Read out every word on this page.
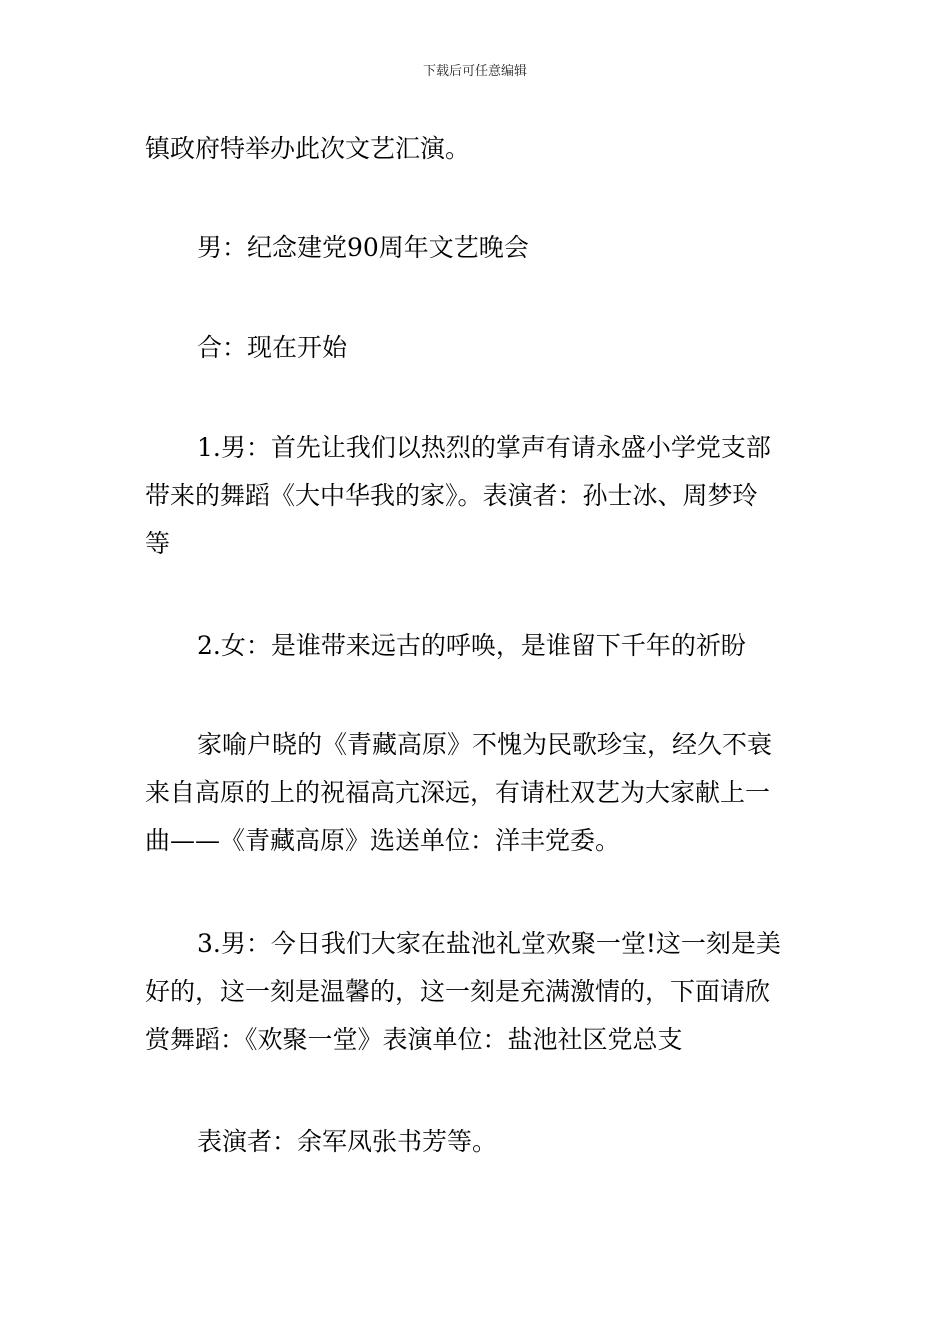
下载后可任意编辑

镇政府特举办此次文艺汇演。

男：纪念建党90周年文艺晚会

合：现在开始

1.男：首先让我们以热烈的掌声有请永盛小学党支部
带来的舞蹈《大中华我的家》。表演者：孙士冰、周梦玲
等

2.女：是谁带来远古的呼唤，是谁留下千年的祈盼

家喻户晓的《青藏高原》不愧为民歌珍宝，经久不衰
来自高原的上的祝福高亢深远，有请杜双艺为大家献上一
曲——《青藏高原》选送单位：洋丰党委。

3.男：今日我们大家在盐池礼堂欢聚一堂!这一刻是美
好的，这一刻是温馨的，这一刻是充满激情的，下面请欣
赏舞蹈：《欢聚一堂》表演单位：盐池社区党总支

表演者：余军凤张书芳等。
